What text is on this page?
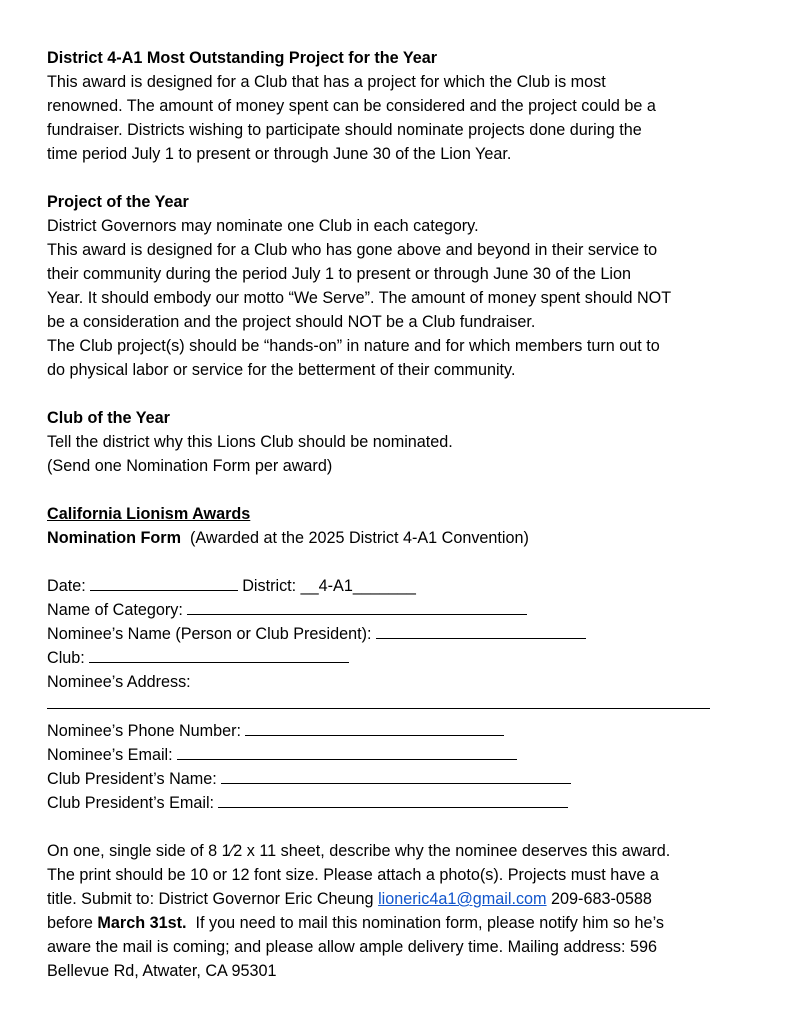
District 4-A1 Most Outstanding Project for the Year
This award is designed for a Club that has a project for which the Club is most
renowned. The amount of money spent can be considered and the project could be a
fundraiser. Districts wishing to participate should nominate projects done during the
time period July 1 to present or through June 30 of the Lion Year.
Project of the Year
District Governors may nominate one Club in each category.
This award is designed for a Club who has gone above and beyond in their service to
their community during the period July 1 to present or through June 30 of the Lion
Year. It should embody our motto “We Serve”. The amount of money spent should NOT
be a consideration and the project should NOT be a Club fundraiser.
The Club project(s) should be “hands-on” in nature and for which members turn out to
do physical labor or service for the betterment of their community.
Club of the Year
Tell the district why this Lions Club should be nominated.
(Send one Nomination Form per award)
California Lionism Awards
Nomination Form  (Awarded at the 2025 District 4-A1 Convention)
Date:	District: __4-A1_______
Name of Category:
Nominee’s Name (Person or Club President):
Club:
Nominee’s Address:
Nominee’s Phone Number:
Nominee’s Email:
Club President’s Name:
Club President’s Email:
On one, single side of 8 1⁄2 x 11 sheet, describe why the nominee deserves this award.
The print should be 10 or 12 font size. Please attach a photo(s). Projects must have a
title. Submit to: District Governor Eric Cheung lioneric4a1@gmail.com 209-683-0588
before March 31st.  If you need to mail this nomination form, please notify him so he’s
aware the mail is coming; and please allow ample delivery time. Mailing address: 596
Bellevue Rd, Atwater, CA 95301
